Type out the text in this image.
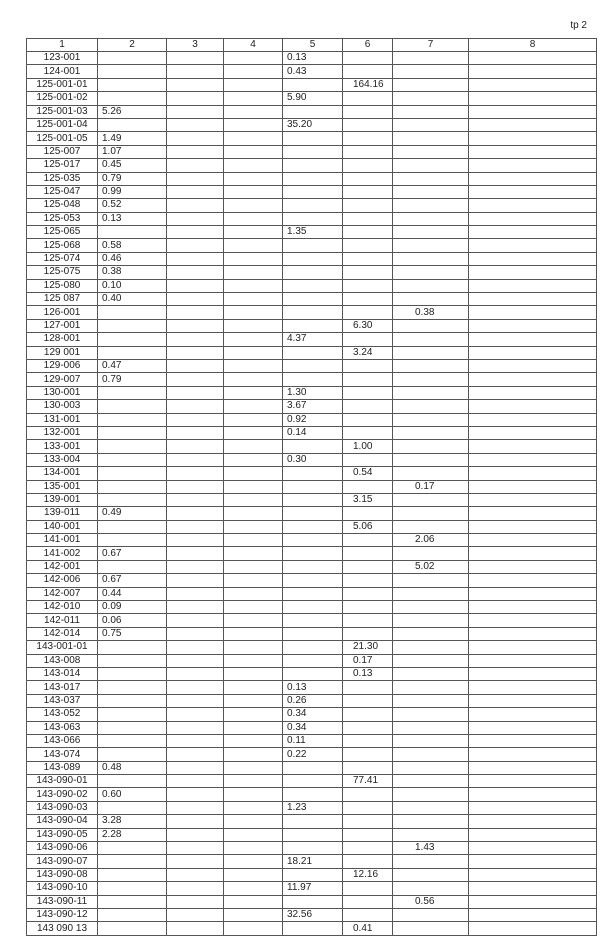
tp 2
1	2	3	4	5	6	7	8
123-001				0.13			
124-001				0.43			
125-001-01					164.16		
125-001-02				5.90			
125-001-03	5.26						
125-001-04				35.20			
125-001-05	1.49						
125-007	1.07						
125-017	0.45						
125-035	0.79						
125-047	0.99						
125-048	0.52						
125-053	0.13						
125-065				1.35			
125-068	0.58						
125-074	0.46						
125-075	0.38						
125-080	0.10						
125 087	0.40						
126-001						0.38	
127-001					6.30		
128-001				4.37			
129 001					3.24		
129-006	0.47						
129-007	0.79						
130-001				1.30			
130-003				3.67			
131-001				0.92			
132-001				0.14			
133-001					1.00		
133-004				0.30			
134-001					0.54		
135-001						0.17	
139-001					3.15		
139-011	0.49						
140-001					5.06		
141-001						2.06	
141-002	0.67						
142-001						5.02	
142-006	0.67						
142-007	0.44						
142-010	0.09						
142-011	0.06						
142-014	0.75						
143-001-01					21.30		
143-008					0.17		
143-014					0.13		
143-017				0.13			
143-037				0.26			
143-052				0.34			
143-063				0.34			
143-066				0.11			
143-074				0.22			
143-089	0.48						
143-090-01					77.41		
143-090-02	0.60						
143-090-03				1.23			
143-090-04	3.28						
143-090-05	2.28						
143-090-06						1.43	
143-090-07				18.21			
143-090-08					12.16		
143-090-10				11.97			
143-090-11						0.56	
143-090-12				32.56			
143 090 13					0.41		
